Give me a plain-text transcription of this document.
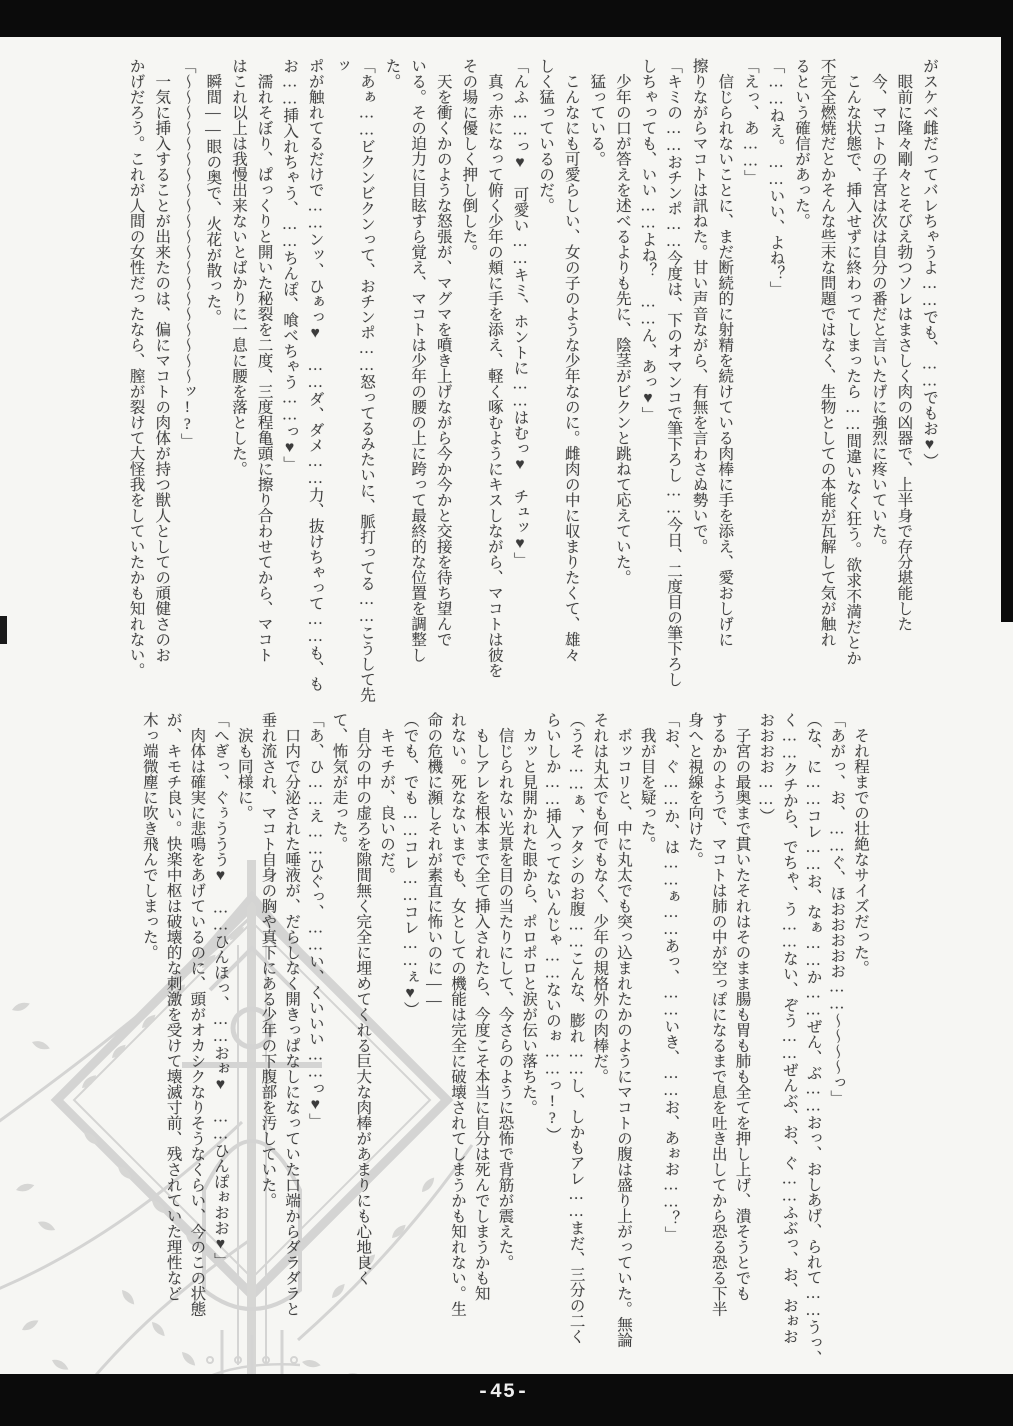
がスケベ雌だってバレちゃうよ……でも、……でもお♥）
　眼前に隆々剛々とそびえ勃つソレはまさしく肉の凶器で、上半身で存分堪能した
　今、マコトの子宮は次は自分の番だと言いたげに強烈に疼いていた。
　こんな状態で、挿入せずに終わってしまったら……間違いなく狂う。欲求不満だとか
不完全燃焼だとかそんな些末な問題ではなく、生物としての本能が瓦解して気が触れ
るという確信があった。
「……ねえ。……いい、よね？」
「えっ、あ……」
　信じられないことに、まだ断続的に射精を続けている肉棒に手を添え、愛おしげに
擦りながらマコトは訊ねた。甘い声音ながら、有無を言わさぬ勢いで。
「キミの……おチンポ……今度は、下のオマンコで筆下ろし……今日、二度目の筆下ろし
しちゃっても、いい……よね？　……ん、あっ♥」
　少年の口が答えを述べるよりも先に、陰茎がビクンと跳ねて応えていた。
　猛っている。
　こんなにも可愛らしい、女の子のような少年なのに。雌肉の中に収まりたくて、雄々
しく猛っているのだ。
「んふ……っ♥　可愛い……キミ、ホントに……はむっ♥　チュッ♥」
　真っ赤になって俯く少年の頬に手を添え、軽く啄むようにキスしながら、マコトは彼を
その場に優しく押し倒した。
　天を衝くかのような怒張が、マグマを噴き上げながら今か今かと交接を待ち望んで
いる。その迫力に目眩すら覚え、マコトは少年の腰の上に跨って最終的な位置を調整し
た。
「あぁ……ビクンビクンって、おチンポ……怒ってるみたいに、脈打ってる……こうして先ッ
ポが触れてるだけで……ンッ、ひぁっ♥　……ダ、ダメ……力、抜けちゃって……も、も
お……挿入れちゃう、……ちんぽ、喰べちゃう……っ♥」
　濡れそぼり、ぱっくりと開いた秘裂を二度、三度程亀頭に擦り合わせてから、マコト
はこれ以上は我慢出来ないとばかりに一息に腰を落とした。
　瞬間――眼の奥で、火花が散った。
「～～～～～～～～～～～～～～～～～～～～ッ!?」
　一気に挿入することが出来たのは、偏にマコトの肉体が持つ獣人としての頑健さのお
かげだろう。これが人間の女性だったなら、膣が裂けて大怪我をしていたかも知れない。
　それ程までの壮絶なサイズだった。
「あがっ、お、……ぐ、ほおおおおお……～～～～っ」
（な、に……コレ……お、なぁ……か……ぜん、ぶ……おっ、おしあげ、られて……うっ、
く……クチから、でちゃ、う……ない、ぞう……ぜんぶ、お、ぐ……ふぶっ、お、おぉお
おおおお……）
　子宮の最奥まで貫いたそれはそのまま腸も胃も肺も全てを押し上げ、潰そうとでも
するかのようで、マコトは肺の中が空っぽになるまで息を吐き出してから恐る恐る下半
身へと視線を向けた。
「お、ぐ……か、は……ぁ……あっ、……いき、……お、あぉお……？」
　我が目を疑った。
　ボッコリと、中に丸太でも突っ込まれたかのようにマコトの腹は盛り上がっていた。無論
それは丸太でも何でもなく、少年の規格外の肉棒だ。
（うそ……ぁ、アタシのお腹……こんな、膨れ……し、しかもアレ……まだ、三分の二く
らいしか……挿入ってないんじゃ……ないのぉ……っ!?）
　カッと見開かれた眼から、ポロポロと涙が伝い落ちた。
　信じられない光景を目の当たりにして、今さらのように恐怖で背筋が震えた。
　もしアレを根本まで全て挿入されたら、今度こそ本当に自分は死んでしまうかも知
れない。死なないまでも、女としての機能は完全に破壊されてしまうかも知れない。生
命の危機に瀕しそれが素直に怖いのに――
（でも、でも……コレ……コレ……ぇ♥）
　キモチが、良いのだ。
　自分の中の虚ろを隙間無く完全に埋めてくれる巨大な肉棒があまりにも心地良く
て、怖気が走った。
「あ、ひ……え……ひぐっ、……い、くいいい……っ♥」
　口内で分泌された唾液が、だらしなく開きっぱなしになっていた口端からダラダラと
垂れ流され、マコト自身の胸や真下にある少年の下腹部を汚していた。
　涙も同様に。
「へぎっ、ぐぅううう♥　……ひんほっ、……おぉ♥　……ひんぽぉおお♥」
　肉体は確実に悲鳴をあげているのに、頭がオカシクなりそうなくらい、今のこの状態
が、キモチ良い。快楽中枢は破壊的な刺激を受けて壊滅寸前、残されていた理性など
木っ端微塵に吹き飛んでしまった。
-45-
